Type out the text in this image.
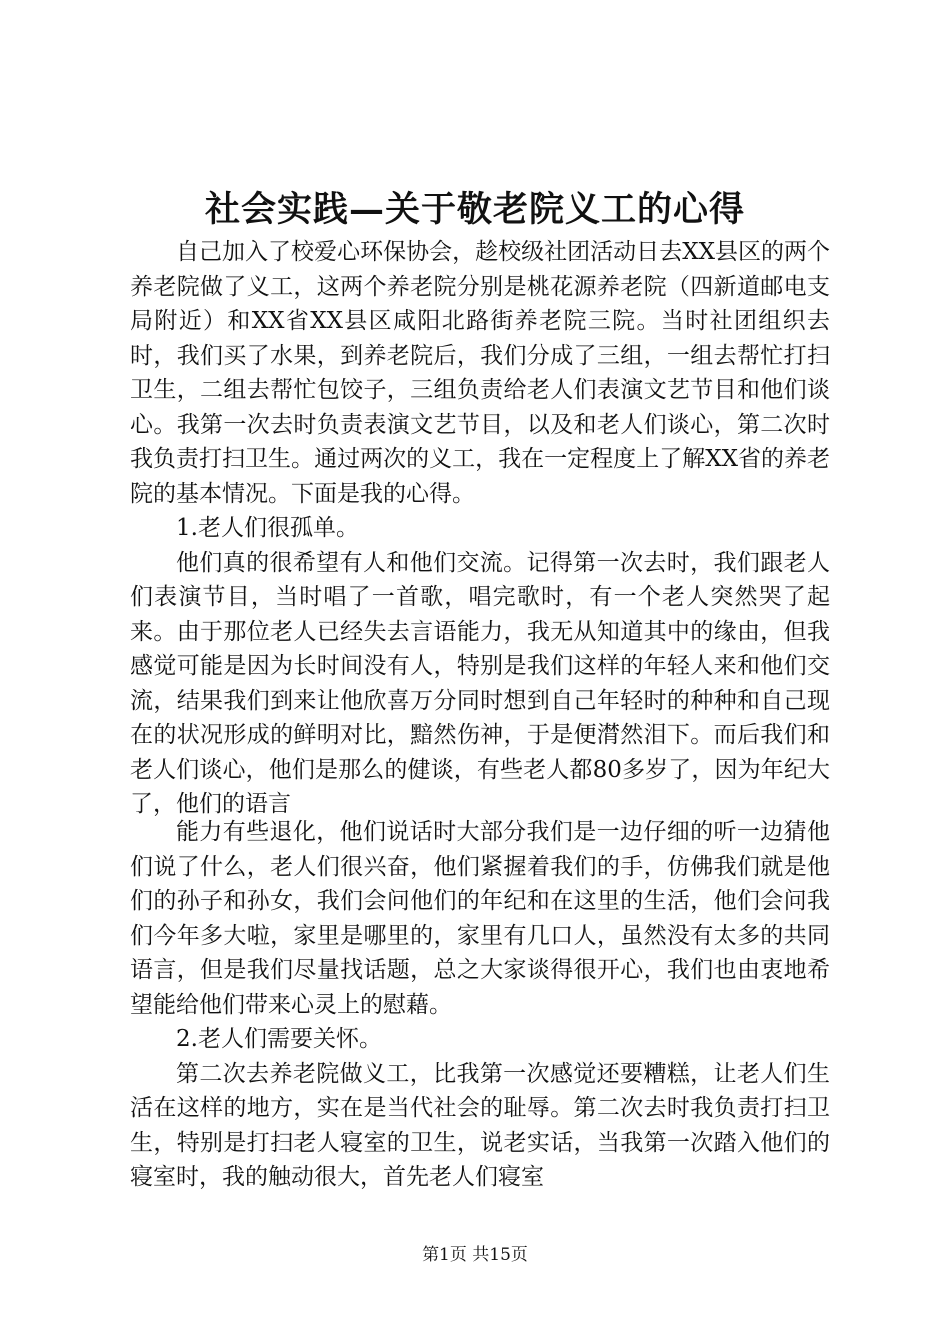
社会实践—关于敬老院义工的心得

自己加入了校爱心环保协会，趁校级社团活动日去XX县区的两个养老院做了义工，这两个养老院分别是桃花源养老院（四新道邮电支局附近）和XX省XX县区咸阳北路街养老院三院。当时社团组织去时，我们买了水果，到养老院后，我们分成了三组，一组去帮忙打扫卫生，二组去帮忙包饺子，三组负责给老人们表演文艺节目和他们谈心。我第一次去时负责表演文艺节目，以及和老人们谈心，第二次时我负责打扫卫生。通过两次的义工，我在一定程度上了解XX省的养老院的基本情况。下面是我的心得。

1.老人们很孤单。

他们真的很希望有人和他们交流。记得第一次去时，我们跟老人们表演节目，当时唱了一首歌，唱完歌时，有一个老人突然哭了起来。由于那位老人已经失去言语能力，我无从知道其中的缘由，但我感觉可能是因为长时间没有人，特别是我们这样的年轻人来和他们交流，结果我们到来让他欣喜万分同时想到自己年轻时的种种和自己现在的状况形成的鲜明对比，黯然伤神，于是便潸然泪下。而后我们和老人们谈心，他们是那么的健谈，有些老人都80多岁了，因为年纪大了，他们的语言

能力有些退化，他们说话时大部分我们是一边仔细的听一边猜他们说了什么，老人们很兴奋，他们紧握着我们的手，仿佛我们就是他们的孙子和孙女，我们会问他们的年纪和在这里的生活，他们会问我们今年多大啦，家里是哪里的，家里有几口人，虽然没有太多的共同语言，但是我们尽量找话题，总之大家谈得很开心，我们也由衷地希望能给他们带来心灵上的慰藉。

2.老人们需要关怀。

第二次去养老院做义工，比我第一次感觉还要糟糕，让老人们生活在这样的地方，实在是当代社会的耻辱。第二次去时我负责打扫卫生，特别是打扫老人寝室的卫生，说老实话，当我第一次踏入他们的寝室时，我的触动很大，首先老人们寝室

第1页 共15页
